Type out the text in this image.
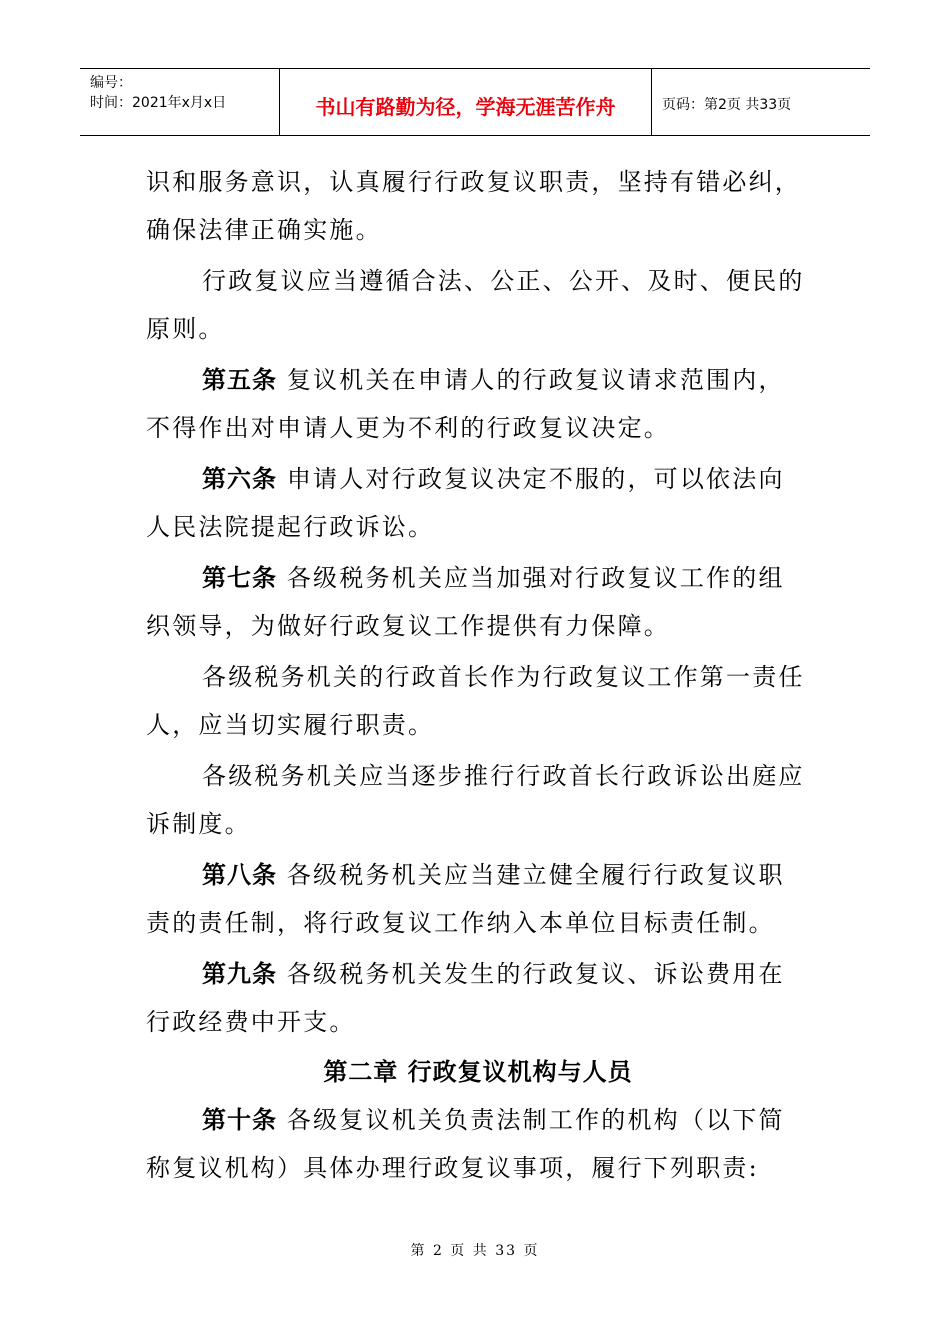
编号：
时间：2021年x月x日	书山有路勤为径，学海无涯苦作舟	页码：第2页 共33页

识和服务意识，认真履行行政复议职责，坚持有错必纠，确保法律正确实施。

行政复议应当遵循合法、公正、公开、及时、便民的原则。

第五条 复议机关在申请人的行政复议请求范围内，不得作出对申请人更为不利的行政复议决定。

第六条 申请人对行政复议决定不服的，可以依法向人民法院提起行政诉讼。

第七条 各级税务机关应当加强对行政复议工作的组织领导，为做好行政复议工作提供有力保障。

各级税务机关的行政首长作为行政复议工作第一责任人，应当切实履行职责。

各级税务机关应当逐步推行行政首长行政诉讼出庭应诉制度。

第八条 各级税务机关应当建立健全履行行政复议职责的责任制，将行政复议工作纳入本单位目标责任制。

第九条 各级税务机关发生的行政复议、诉讼费用在行政经费中开支。

第二章 行政复议机构与人员

第十条 各级复议机关负责法制工作的机构（以下简称复议机构）具体办理行政复议事项，履行下列职责:

第 2 页 共 33 页
